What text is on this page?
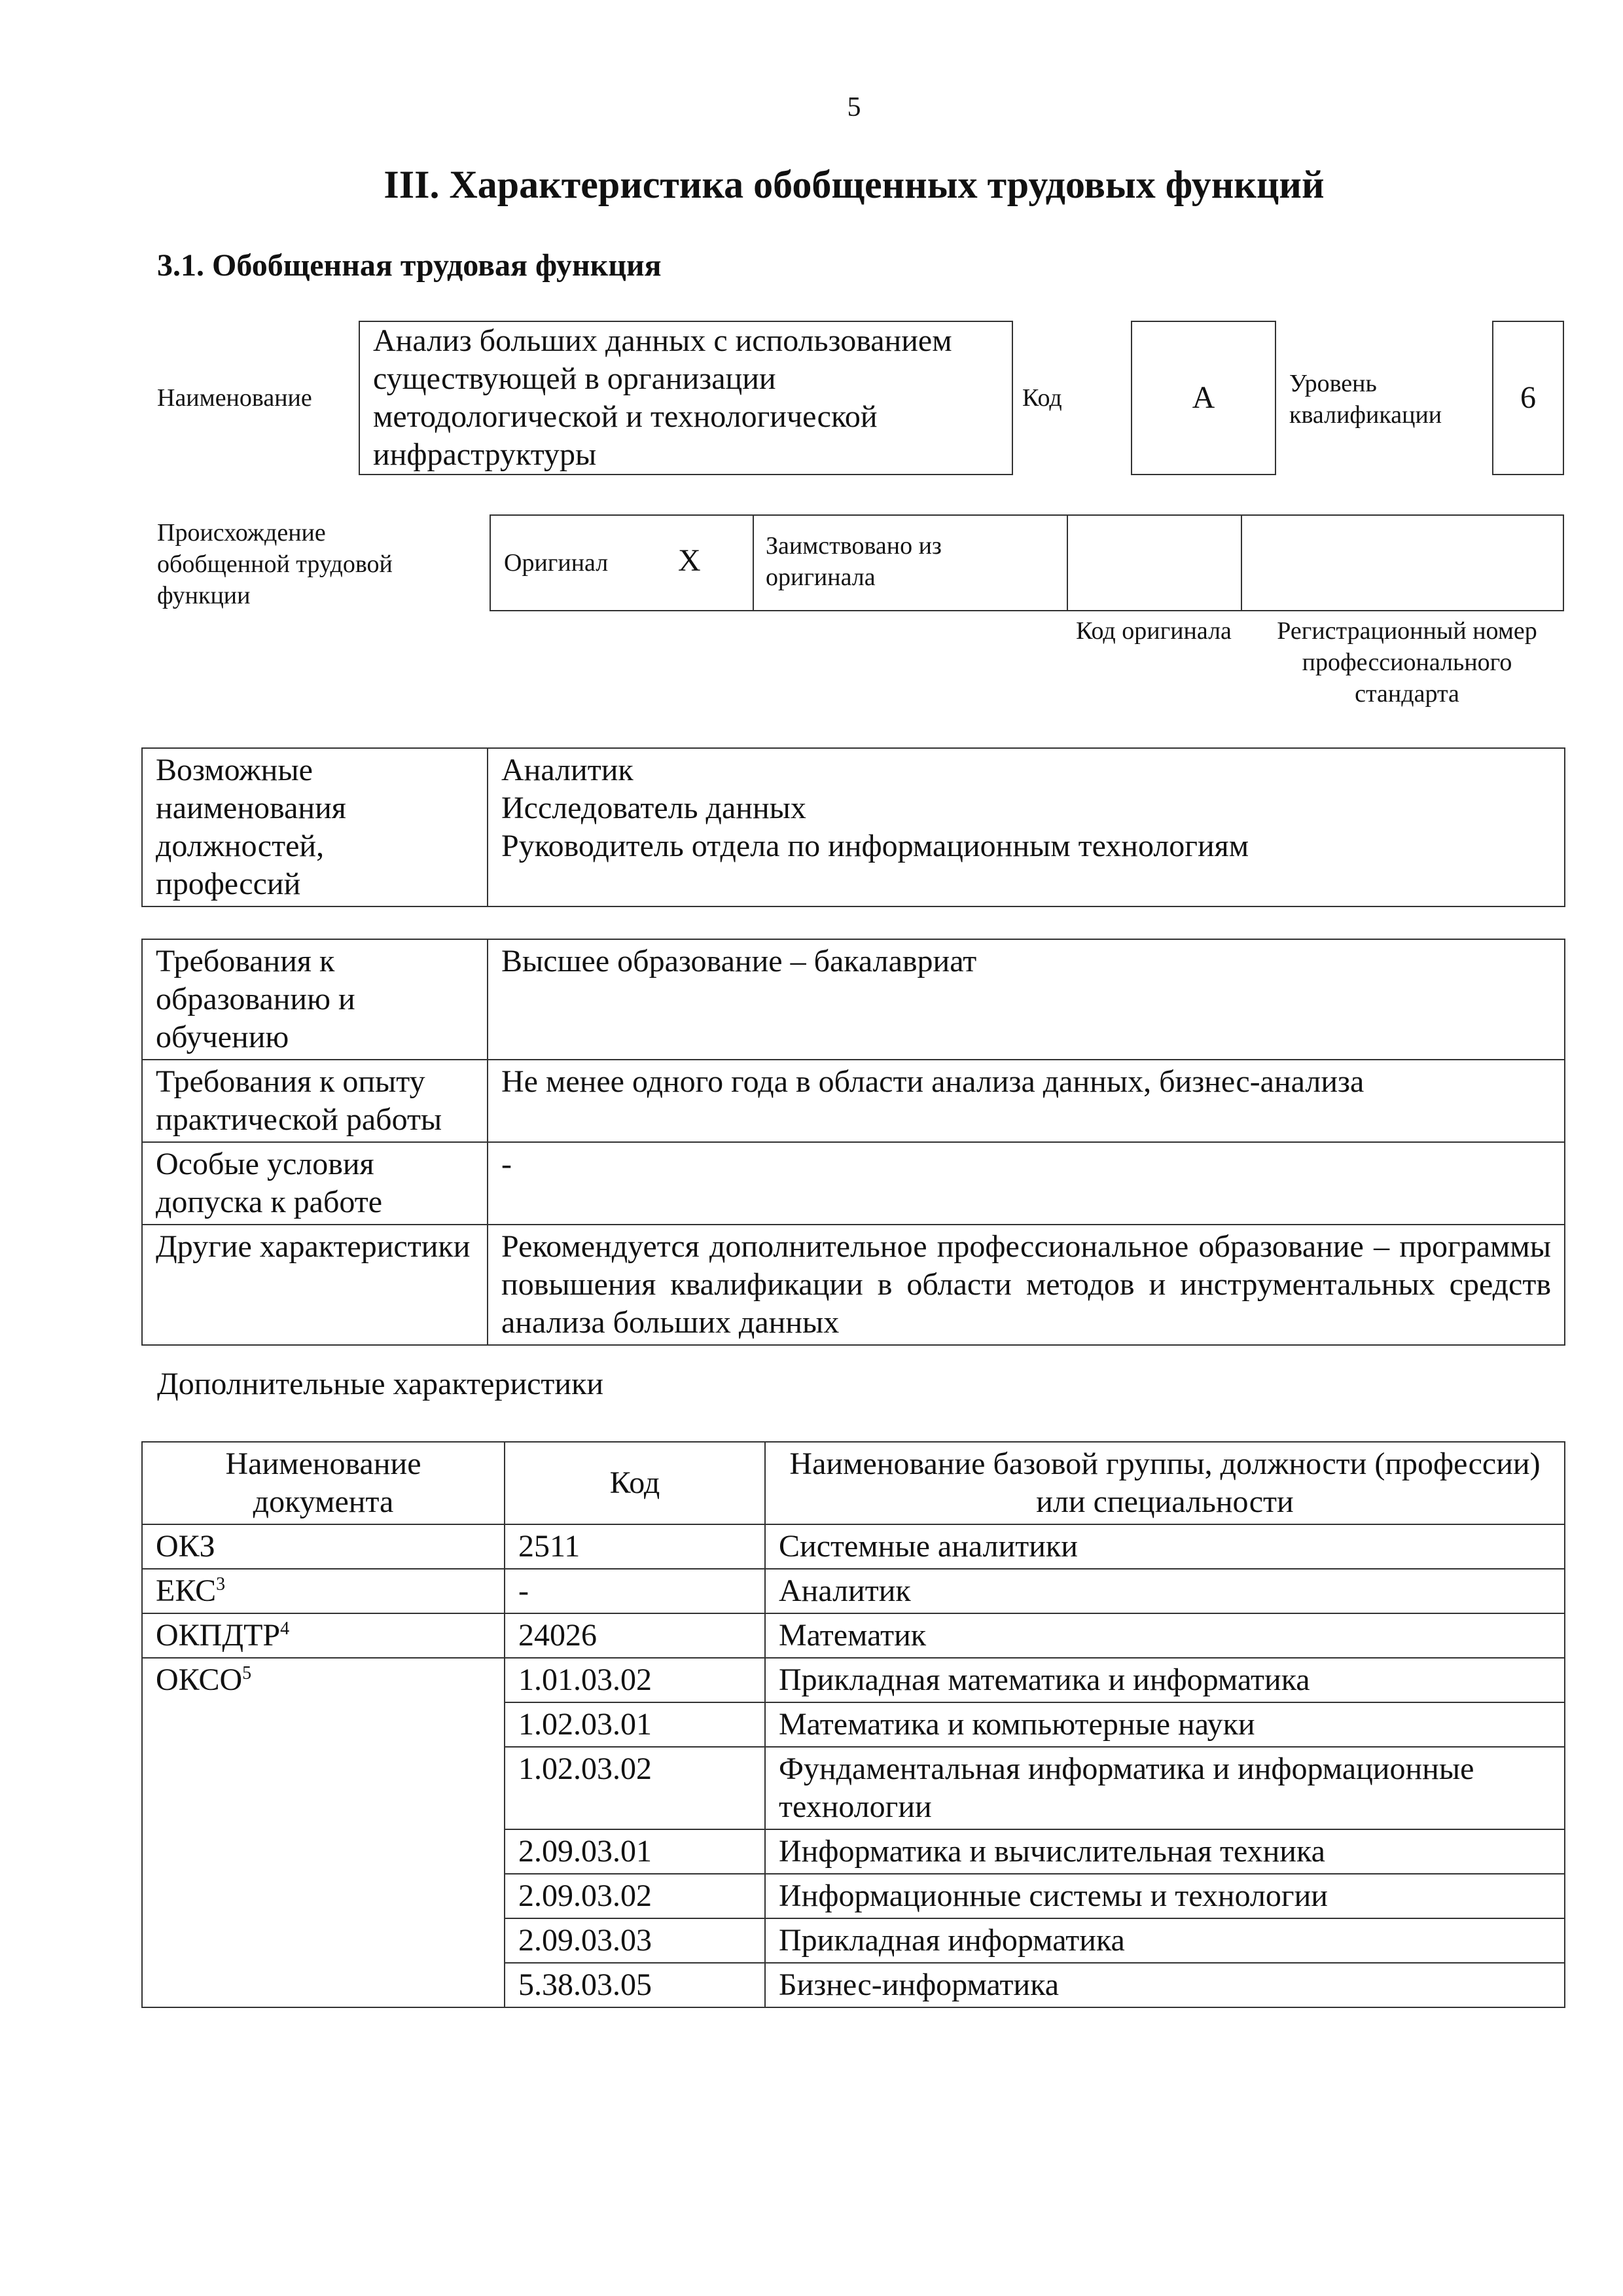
5
III. Характеристика обобщенных трудовых функций
3.1. Обобщенная трудовая функция
Наименование
Анализ больших данных с использованием существующей в организации методологической и технологической инфраструктуры
Код	A	Уровень квалификации	6
Происхождение обобщенной трудовой функции
Оригинал X	Заимствовано из оригинала
Код оригинала	Регистрационный номер профессионального стандарта
Возможные наименования должностей, профессий	
Аналитик
Исследователь данных
Руководитель отдела по информационным технологиям
Требования к образованию и обучению	Высшее образование – бакалавриат
Требования к опыту практической работы	Не менее одного года в области анализа данных, бизнес-анализа
Особые условия допуска к работе	-
Другие характеристики	Рекомендуется дополнительное профессиональное образование – программы повышения квалификации в области методов и инструментальных средств анализа больших данных
Дополнительные характеристики
Наименование документа	Код	Наименование базовой группы, должности (профессии) или специальности
ОКЗ	2511	Системные аналитики
ЕКС$^3$	-	Аналитик
ОКПДТР$^4$	24026	Математик
ОКСО$^5$	1.01.03.02	Прикладная математика и информатика
	1.02.03.01	Математика и компьютерные науки
	1.02.03.02	Фундаментальная информатика и информационные технологии
	2.09.03.01	Информатика и вычислительная техника
	2.09.03.02	Информационные системы и технологии
	2.09.03.03	Прикладная информатика
	5.38.03.05	Бизнес-информатика
